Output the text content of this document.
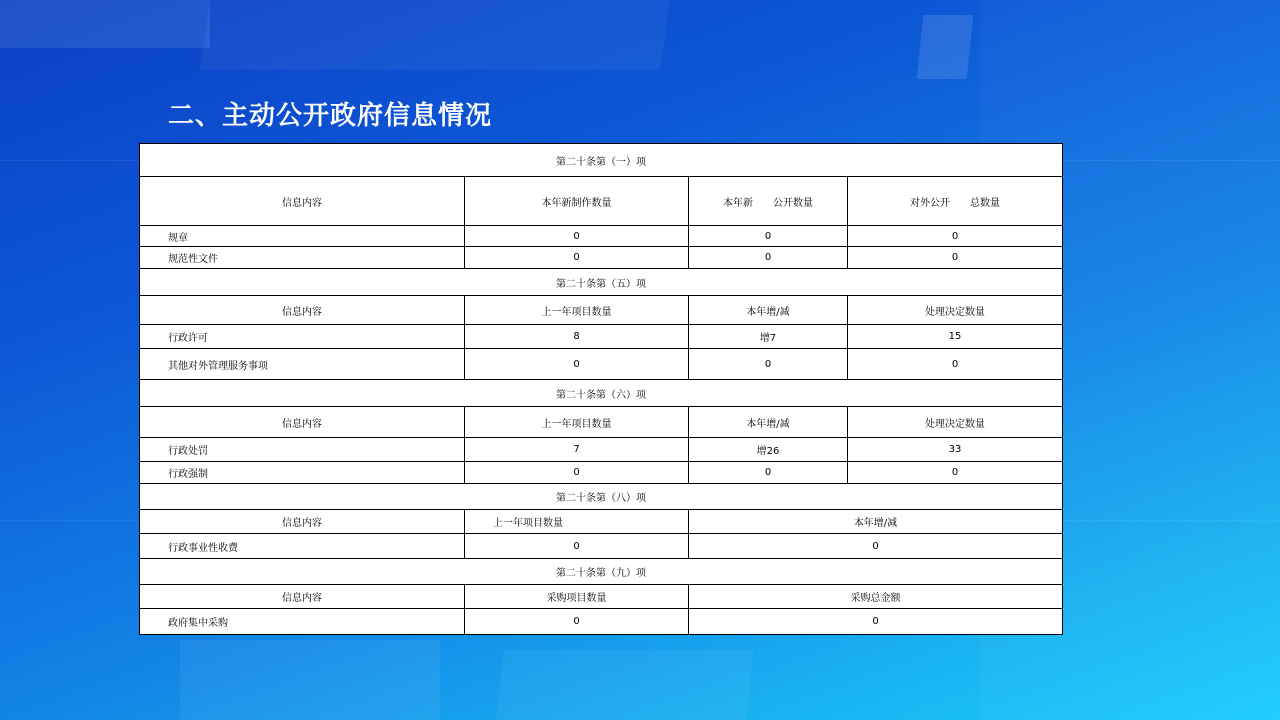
二、主动公开政府信息情况
第二十条第（一）项			
信息内容	本年新制作数量	本年新　　公开数量	对外公开　　总数量
规章	0	0	0
规范性文件	0	0	0
第二十条第（五）项			
信息内容	上一年项目数量	本年增/减	处理决定数量
行政许可	8	增7	15
其他对外管理服务事项	0	0	0
第二十条第（六）项			
信息内容	上一年项目数量	本年增/减	处理决定数量
行政处罚	7	增26	33
行政强制	0	0	0
第二十条第（八）项			
信息内容	上一年项目数量	本年增/减	
行政事业性收费	0	0	
第二十条第（九）项			
信息内容	采购项目数量	采购总金额	
政府集中采购	0	0	
